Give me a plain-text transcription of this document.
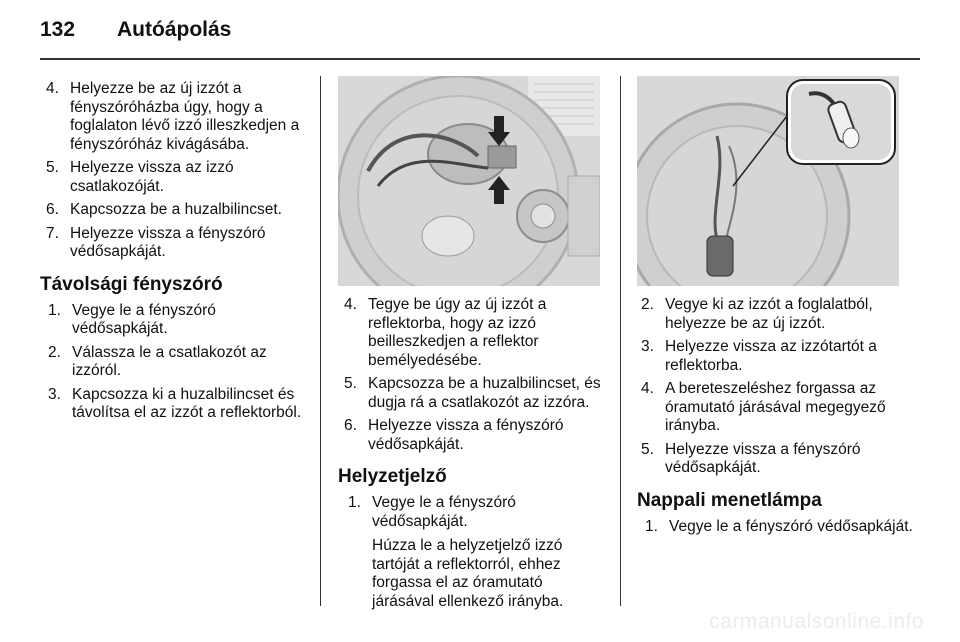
132 Autóápolás
4. Helyezze be az új izzót a fényszóróházba úgy, hogy a foglalaton lévő izzó illeszkedjen a fényszóróház kivágásába.
5. Helyezze vissza az izzó csatlakozóját.
6. Kapcsozza be a huzalbilincset.
7. Helyezze vissza a fényszóró védősapkáját.
Távolsági fényszóró
1. Vegye le a fényszóró védősapkáját.
2. Válassza le a csatlakozót az izzóról.
3. Kapcsozza ki a huzalbilincset és távolítsa el az izzót a reflektorból.
4. Tegye be úgy az új izzót a reflektorba, hogy az izzó beilleszkedjen a reflektor bemélyedésébe.
5. Kapcsozza be a huzalbilincset, és dugja rá a csatlakozót az izzóra.
6. Helyezze vissza a fényszóró védősapkáját.
Helyzetjelző
1. Vegye le a fényszóró védősapkáját.
Húzza le a helyzetjelző izzó tartóját a reflektorról, ehhez forgassa el az óramutató járásával ellenkező irányba.
2. Vegye ki az izzót a foglalatból, helyezze be az új izzót.
3. Helyezze vissza az izzótartót a reflektorba.
4. A bereteszeléshez forgassa az óramutató járásával megegyező irányba.
5. Helyezze vissza a fényszóró védősapkáját.
Nappali menetlámpa
1. Vegye le a fényszóró védősapkáját.
carmanualsonline.info
